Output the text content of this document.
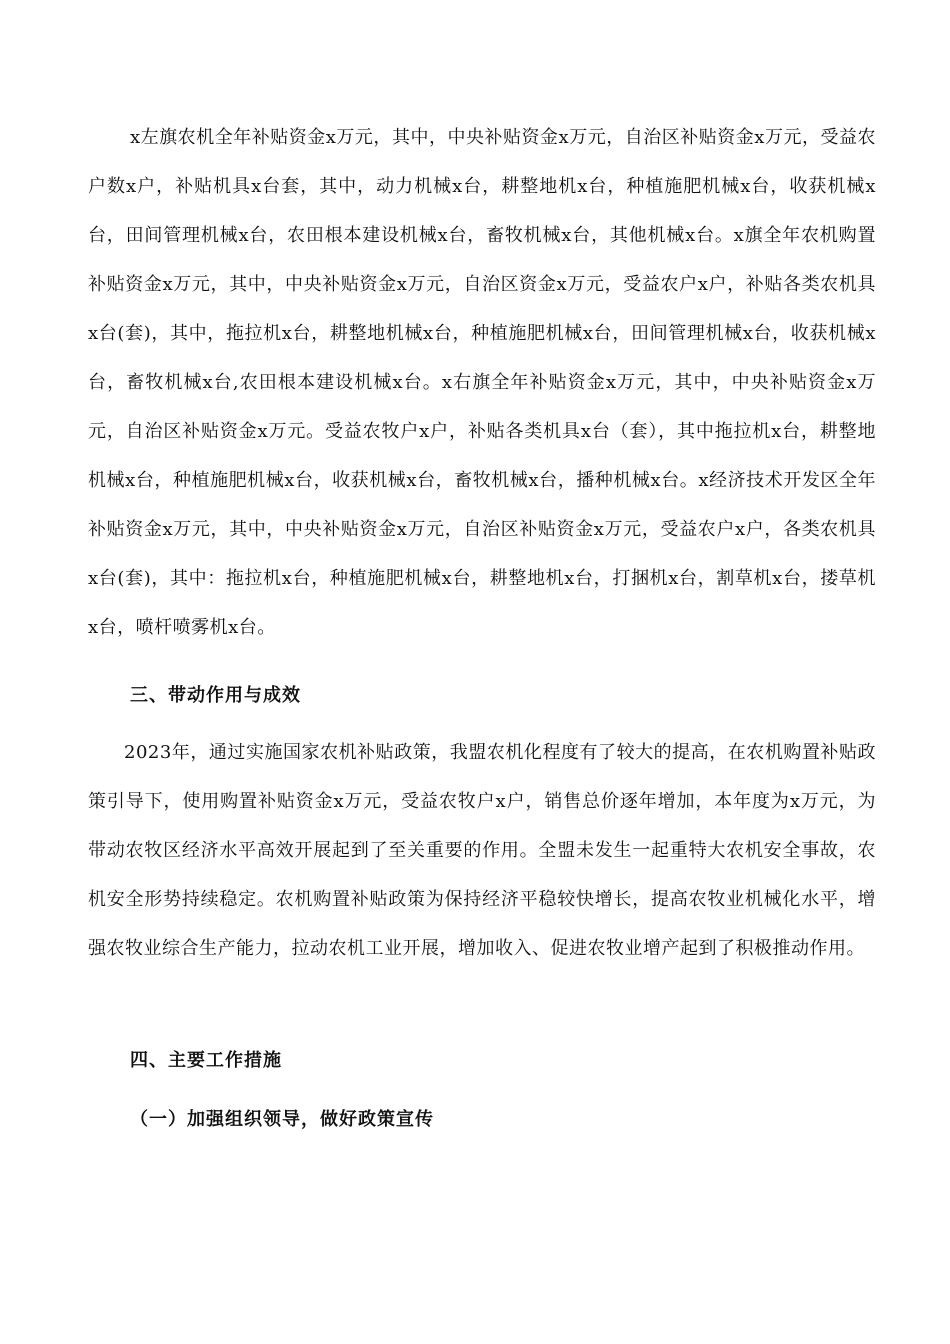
x左旗农机全年补贴资金x万元，其中，中央补贴资金x万元，自治区补贴资金x万元，受益农户数x户，补贴机具x台套，其中，动力机械x台，耕整地机x台，种植施肥机械x台，收获机械x台，田间管理机械x台，农田根本建设机械x台，畜牧机械x台，其他机械x台。x旗全年农机购置补贴资金x万元，其中，中央补贴资金x万元，自治区资金x万元，受益农户x户，补贴各类农机具x台(套)，其中，拖拉机x台，耕整地机械x台，种植施肥机械x台，田间管理机械x台，收获机械x台，畜牧机械x台,农田根本建设机械x台。x右旗全年补贴资金x万元，其中，中央补贴资金x万元，自治区补贴资金x万元。受益农牧户x户，补贴各类机具x台（套），其中拖拉机x台，耕整地机械x台，种植施肥机械x台，收获机械x台，畜牧机械x台，播种机械x台。x经济技术开发区全年补贴资金x万元，其中，中央补贴资金x万元，自治区补贴资金x万元，受益农户x户，各类农机具x台(套)，其中：拖拉机x台，种植施肥机械x台，耕整地机x台，打捆机x台，割草机x台，搂草机x台，喷杆喷雾机x台。

三、带动作用与成效

2023年，通过实施国家农机补贴政策，我盟农机化程度有了较大的提高，在农机购置补贴政策引导下，使用购置补贴资金x万元，受益农牧户x户，销售总价逐年增加，本年度为x万元，为带动农牧区经济水平高效开展起到了至关重要的作用。全盟未发生一起重特大农机安全事故，农机安全形势持续稳定。农机购置补贴政策为保持经济平稳较快增长，提高农牧业机械化水平，增强农牧业综合生产能力，拉动农机工业开展，增加收入、促进农牧业增产起到了积极推动作用。

四、主要工作措施
（一）加强组织领导，做好政策宣传
